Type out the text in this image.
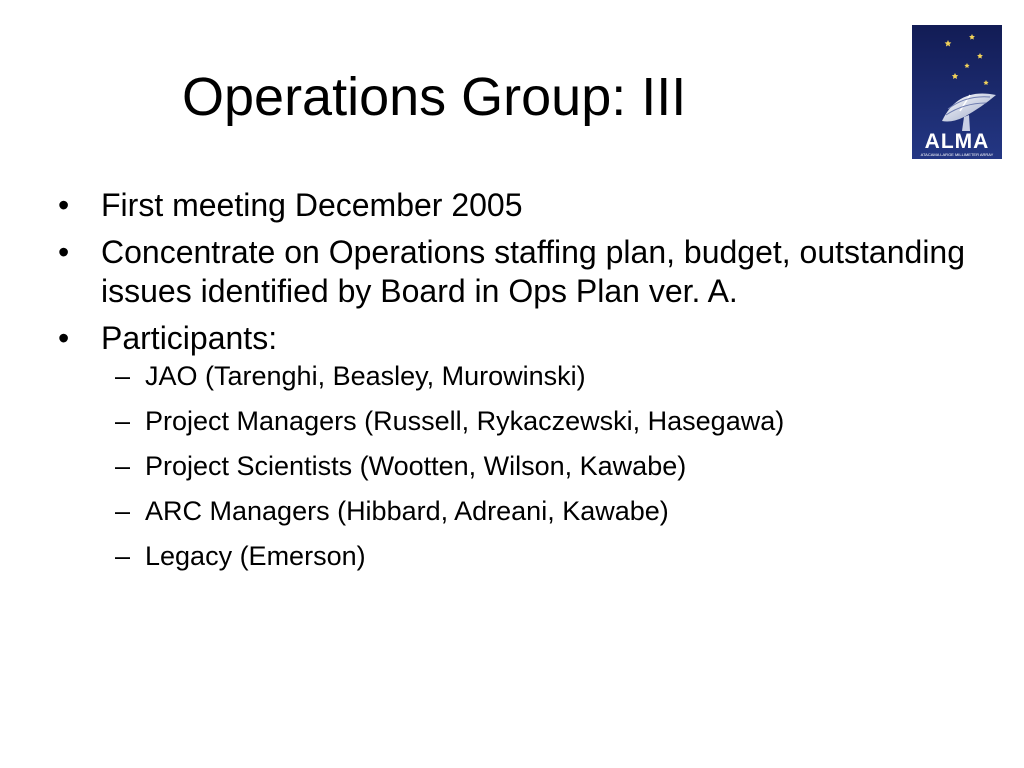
Operations Group: III
ALMA
ATACAMA LARGE MILLIMETER ARRAY
• First meeting December 2005
• Concentrate on Operations staffing plan, budget, outstanding issues identified by Board in Ops Plan ver. A.
• Participants:
– JAO (Tarenghi, Beasley, Murowinski)
– Project Managers (Russell, Rykaczewski, Hasegawa)
– Project Scientists (Wootten, Wilson, Kawabe)
– ARC Managers (Hibbard, Adreani, Kawabe)
– Legacy (Emerson)
